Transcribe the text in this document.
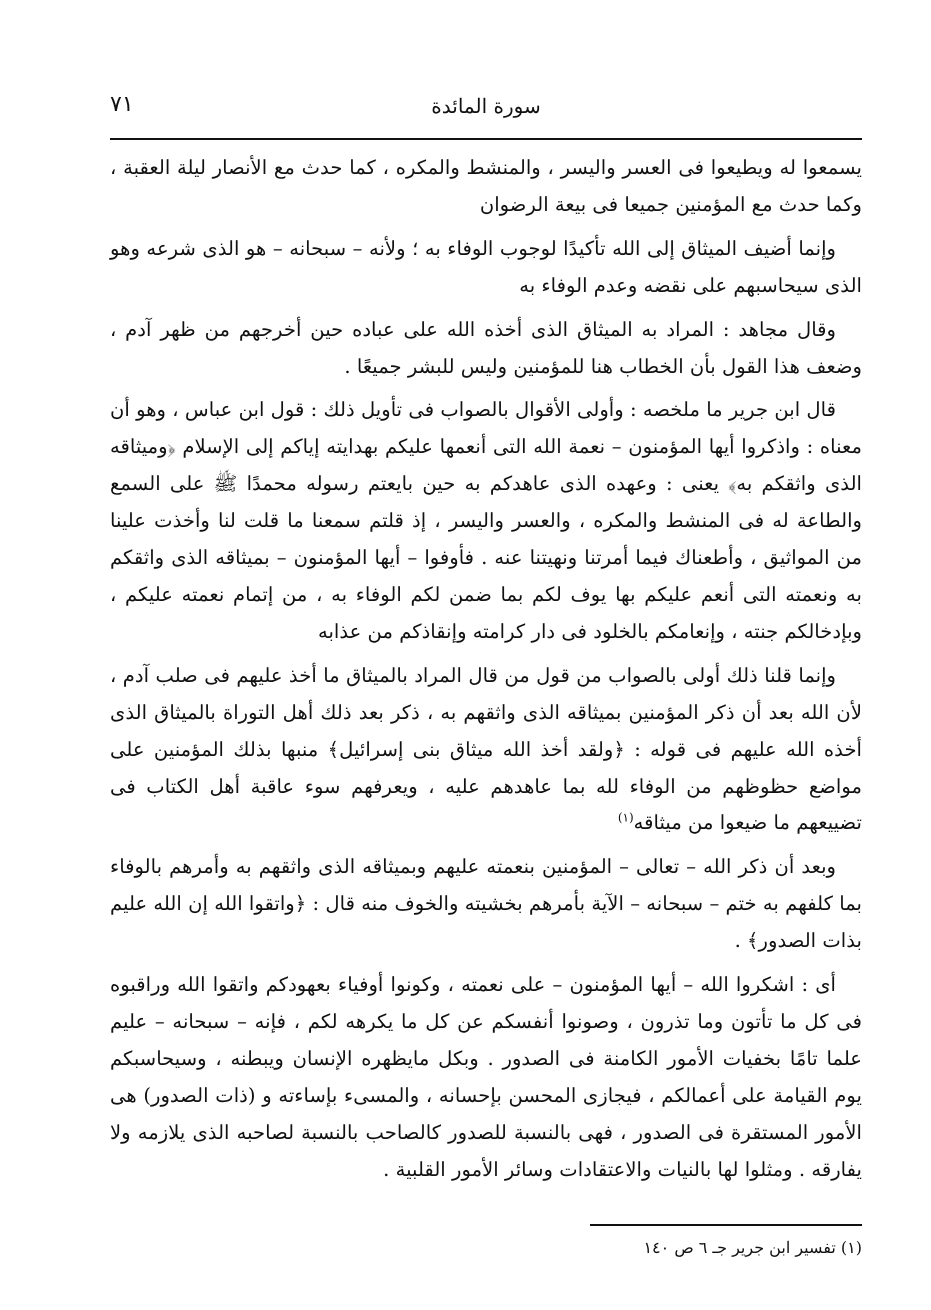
٧١	سورة المائدة

يسمعوا له ويطيعوا فى العسر واليسر ، والمنشط والمكره ، كما حدث مع الأنصار ليلة العقبة ، وكما حدث مع المؤمنين جميعا فى بيعة الرضوان

وإنما أضيف الميثاق إلى الله تأكيدًا لوجوب الوفاء به ؛ ولأنه – سبحانه – هو الذى شرعه وهو الذى سيحاسبهم على نقضه وعدم الوفاء به

وقال مجاهد : المراد به الميثاق الذى أخذه الله على عباده حين أخرجهم من ظهر آدم ، وضعف هذا القول بأن الخطاب هنا للمؤمنين وليس للبشر جميعًا .

قال ابن جرير ما ملخصه : وأولى الأقوال بالصواب فى تأويل ذلك : قول ابن عباس ، وهو أن معناه : واذكروا أيها المؤمنون – نعمة الله التى أنعمها عليكم بهدايته إياكم إلى الإسلام ﴿وميثاقه الذى واثقكم به﴾ يعنى : وعهده الذى عاهدكم به حين بايعتم رسوله محمدًا ﷺ على السمع والطاعة له فى المنشط والمكره ، والعسر واليسر ، إذ قلتم سمعنا ما قلت لنا وأخذت علينا من المواثيق ، وأطعناك فيما أمرتنا ونهيتنا عنه . فأوفوا – أيها المؤمنون – بميثاقه الذى واثقكم به ونعمته التى أنعم عليكم بها يوف لكم بما ضمن لكم الوفاء به ، من إتمام نعمته عليكم ، وبإدخالكم جنته ، وإنعامكم بالخلود فى دار كرامته وإنقاذكم من عذابه

وإنما قلنا ذلك أولى بالصواب من قول من قال المراد بالميثاق ما أخذ عليهم فى صلب آدم ، لأن الله بعد أن ذكر المؤمنين بميثاقه الذى واثقهم به ، ذكر بعد ذلك أهل التوراة بالميثاق الذى أخذه الله عليهم فى قوله : ﴿ولقد أخذ الله ميثاق بنى إسرائيل﴾ منبها بذلك المؤمنين على مواضع حظوظهم من الوفاء لله بما عاهدهم عليه ، ويعرفهم سوء عاقبة أهل الكتاب فى تضييعهم ما ضيعوا من ميثاقه$^{(١)}$

وبعد أن ذكر الله – تعالى – المؤمنين بنعمته عليهم وبميثاقه الذى واثقهم به وأمرهم بالوفاء بما كلفهم به ختم – سبحانه – الآية بأمرهم بخشيته والخوف منه قال : ﴿واتقوا الله إن الله عليم بذات الصدور﴾ .

أى : اشكروا الله – أيها المؤمنون – على نعمته ، وكونوا أوفياء بعهودكم واتقوا الله وراقبوه فى كل ما تأتون وما تذرون ، وصونوا أنفسكم عن كل ما يكرهه لكم ، فإنه – سبحانه – عليم علما تامًا بخفيات الأمور الكامنة فى الصدور . وبكل مايظهره الإنسان ويبطنه ، وسيحاسبكم يوم القيامة على أعمالكم ، فيجازى المحسن بإحسانه ، والمسىء بإساءته و (ذات الصدور) هى الأمور المستقرة فى الصدور ، فهى بالنسبة للصدور كالصاحب بالنسبة لصاحبه الذى يلازمه ولا يفارقه . ومثلوا لها بالنيات والاعتقادات وسائر الأمور القلبية .

(١) تفسير ابن جرير جـ ٦ ص ١٤٠
